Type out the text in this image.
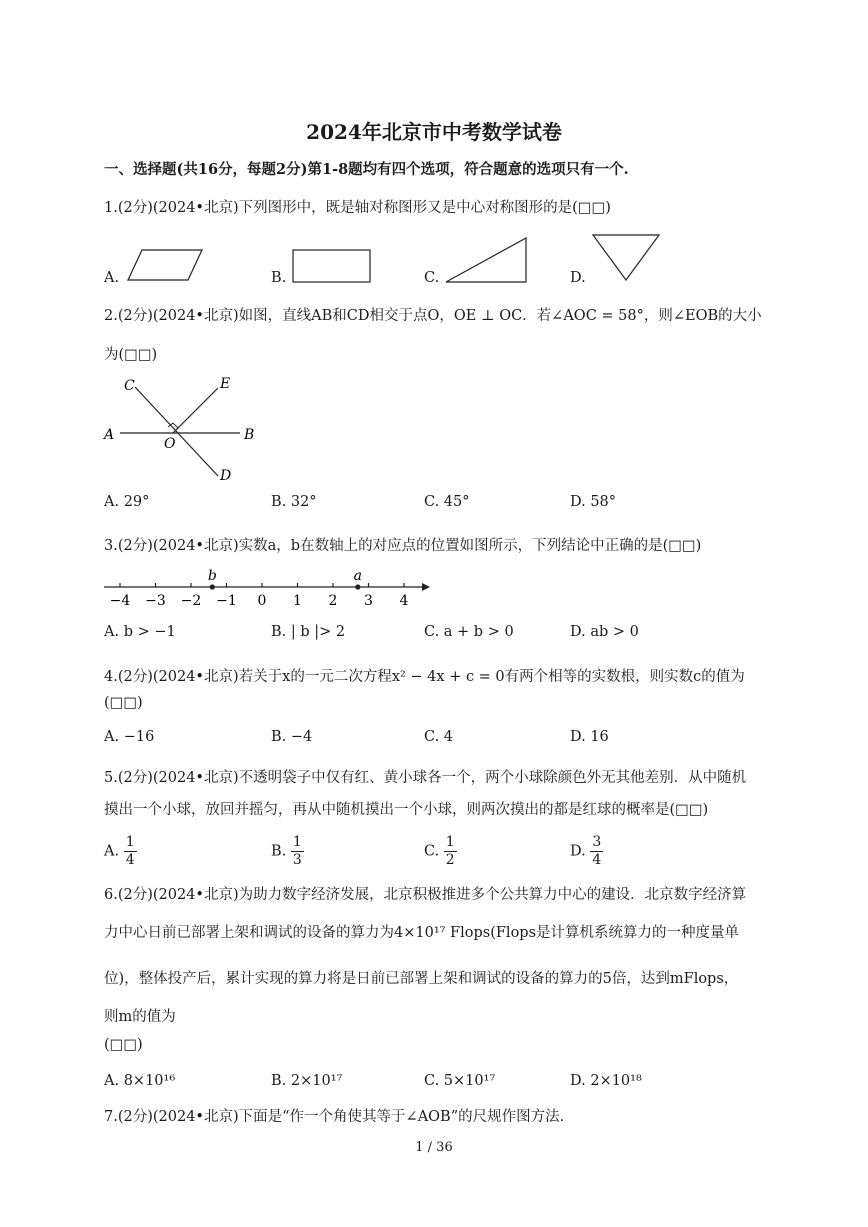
2024年北京市中考数学试卷
一、选择题(共16分，每题2分)第1-8题均有四个选项，符合题意的选项只有一个.
1.(2分)(2024•北京)下列图形中，既是轴对称图形又是中心对称图形的是(□□)
A.	B.	C.	D.
2.(2分)(2024•北京)如图，直线AB和CD相交于点O，OE ⊥ OC．若∠AOC = 58°，则∠EOB的大小
为(□□)
C	E
A
O
B
D
A. 29°	B. 32°	C. 45°	D. 58°
3.(2分)(2024•北京)实数a，b在数轴上的对应点的位置如图所示，下列结论中正确的是(□□)
−4 −3 −2 −1 0 1 2 3 4
b	a
A. b > −1	B. | b |> 2	C. a + b > 0	D. ab > 0
4.(2分)(2024•北京)若关于x的一元二次方程x² − 4x + c = 0有两个相等的实数根，则实数c的值为
(□□)
A. −16	B. −4	C. 4	D. 16
5.(2分)(2024•北京)不透明袋子中仅有红、黄小球各一个，两个小球除颜色外无其他差别．从中随机
摸出一个小球，放回并摇匀，再从中随机摸出一个小球，则两次摸出的都是红球的概率是(□□)
A. $\frac{1}{4}$	B. $\frac{1}{3}$	C. $\frac{1}{2}$	D. $\frac{3}{4}$
6.(2分)(2024•北京)为助力数字经济发展，北京积极推进多个公共算力中心的建设．北京数字经济算
力中心日前已部署上架和调试的设备的算力为4×10¹⁷ Flops(Flops是计算机系统算力的一种度量单
位)，整体投产后，累计实现的算力将是日前已部署上架和调试的设备的算力的5倍，达到mFlops，
则m的值为
(□□)
A. 8×10¹⁶	B. 2×10¹⁷	C. 5×10¹⁷	D. 2×10¹⁸
7.(2分)(2024•北京)下面是“作一个角使其等于∠AOB”的尺规作图方法.
1 / 36
